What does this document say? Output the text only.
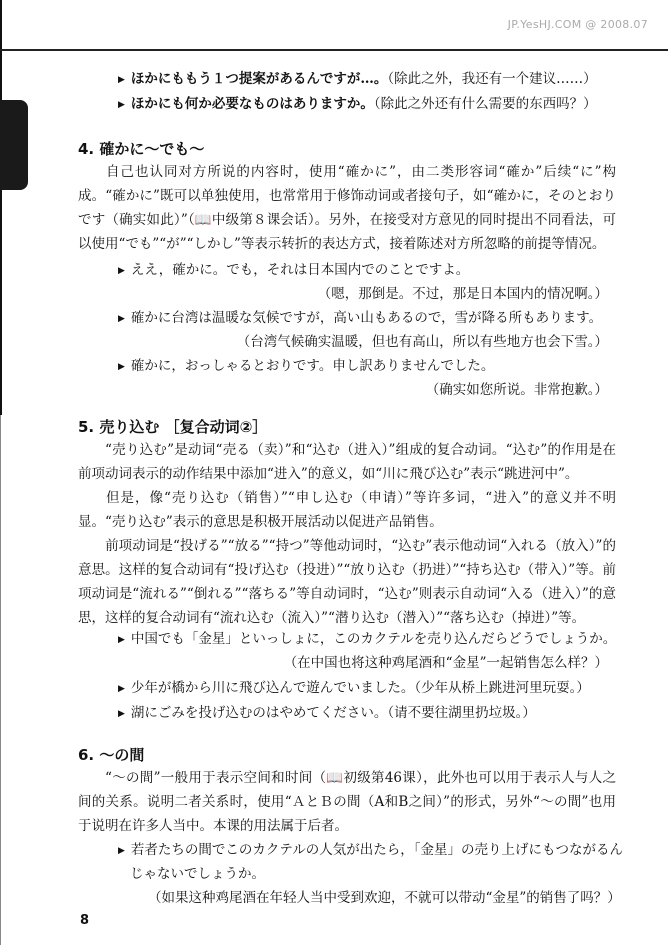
JP.YesHJ.COM @ 2008.07
▶ ほかにももう１つ提案があるんですが…。（除此之外，我还有一个建议……）
▶ ほかにも何か必要なものはありますか。（除此之外还有什么需要的东西吗？）
4. 確かに～でも～
自己也认同对方所说的内容时，使用“確かに”，由二类形容词“確か”后续“に”构成。“確かに”既可以单独使用，也常常用于修饰动词或者接句子，如“確かに，そのとおりです（确实如此）”（📖中级第８课会话）。另外，在接受对方意见的同时提出不同看法，可以使用“でも”“が”“しかし”等表示转折的表达方式，接着陈述对方所忽略的前提等情况。
▶ ええ，確かに。でも，それは日本国内でのことですよ。
（嗯，那倒是。不过，那是日本国内的情况啊。）
▶ 確かに台湾は温暖な気候ですが，高い山もあるので，雪が降る所もあります。
（台湾气候确实温暖，但也有高山，所以有些地方也会下雪。）
▶ 確かに，おっしゃるとおりです。申し訳ありませんでした。
（确实如您所说。非常抱歉。）
5. 売り込む ［复合动词②］
“売り込む”是动词“売る（卖）”和“込む（进入）”组成的复合动词。“込む”的作用是在前项动词表示的动作结果中添加“进入”的意义，如“川に飛び込む”表示“跳进河中”。
但是，像“売り込む（销售）”“申し込む（申请）”等许多词，“进入”的意义并不明显。“売り込む”表示的意思是积极开展活动以促进产品销售。
前项动词是“投げる”“放る”“持つ”等他动词时，“込む”表示他动词“入れる（放入）”的意思。这样的复合动词有“投げ込む（投进）”“放り込む（扔进）”“持ち込む（带入）”等。前项动词是“流れる”“倒れる”“落ちる”等自动词时，“込む”则表示自动词“入る（进入）”的意思，这样的复合动词有“流れ込む（流入）”“潜り込む（潜入）”“落ち込む（掉进）”等。
▶ 中国でも「金星」といっしょに，このカクテルを売り込んだらどうでしょうか。
（在中国也将这种鸡尾酒和“金星”一起销售怎么样？）
▶ 少年が橋から川に飛び込んで遊んでいました。（少年从桥上跳进河里玩耍。）
▶ 湖にごみを投げ込むのはやめてください。（请不要往湖里扔垃圾。）
6. ～の間
“～の間”一般用于表示空间和时间（📖初级第46课），此外也可以用于表示人与人之间的关系。说明二者关系时，使用“ＡとＢの間（A和B之间）”的形式，另外“～の間”也用于说明在许多人当中。本课的用法属于后者。
▶ 若者たちの間でこのカクテルの人気が出たら，「金星」の売り上げにもつながるん
じゃないでしょうか。
（如果这种鸡尾酒在年轻人当中受到欢迎，不就可以带动“金星”的销售了吗？）
8
